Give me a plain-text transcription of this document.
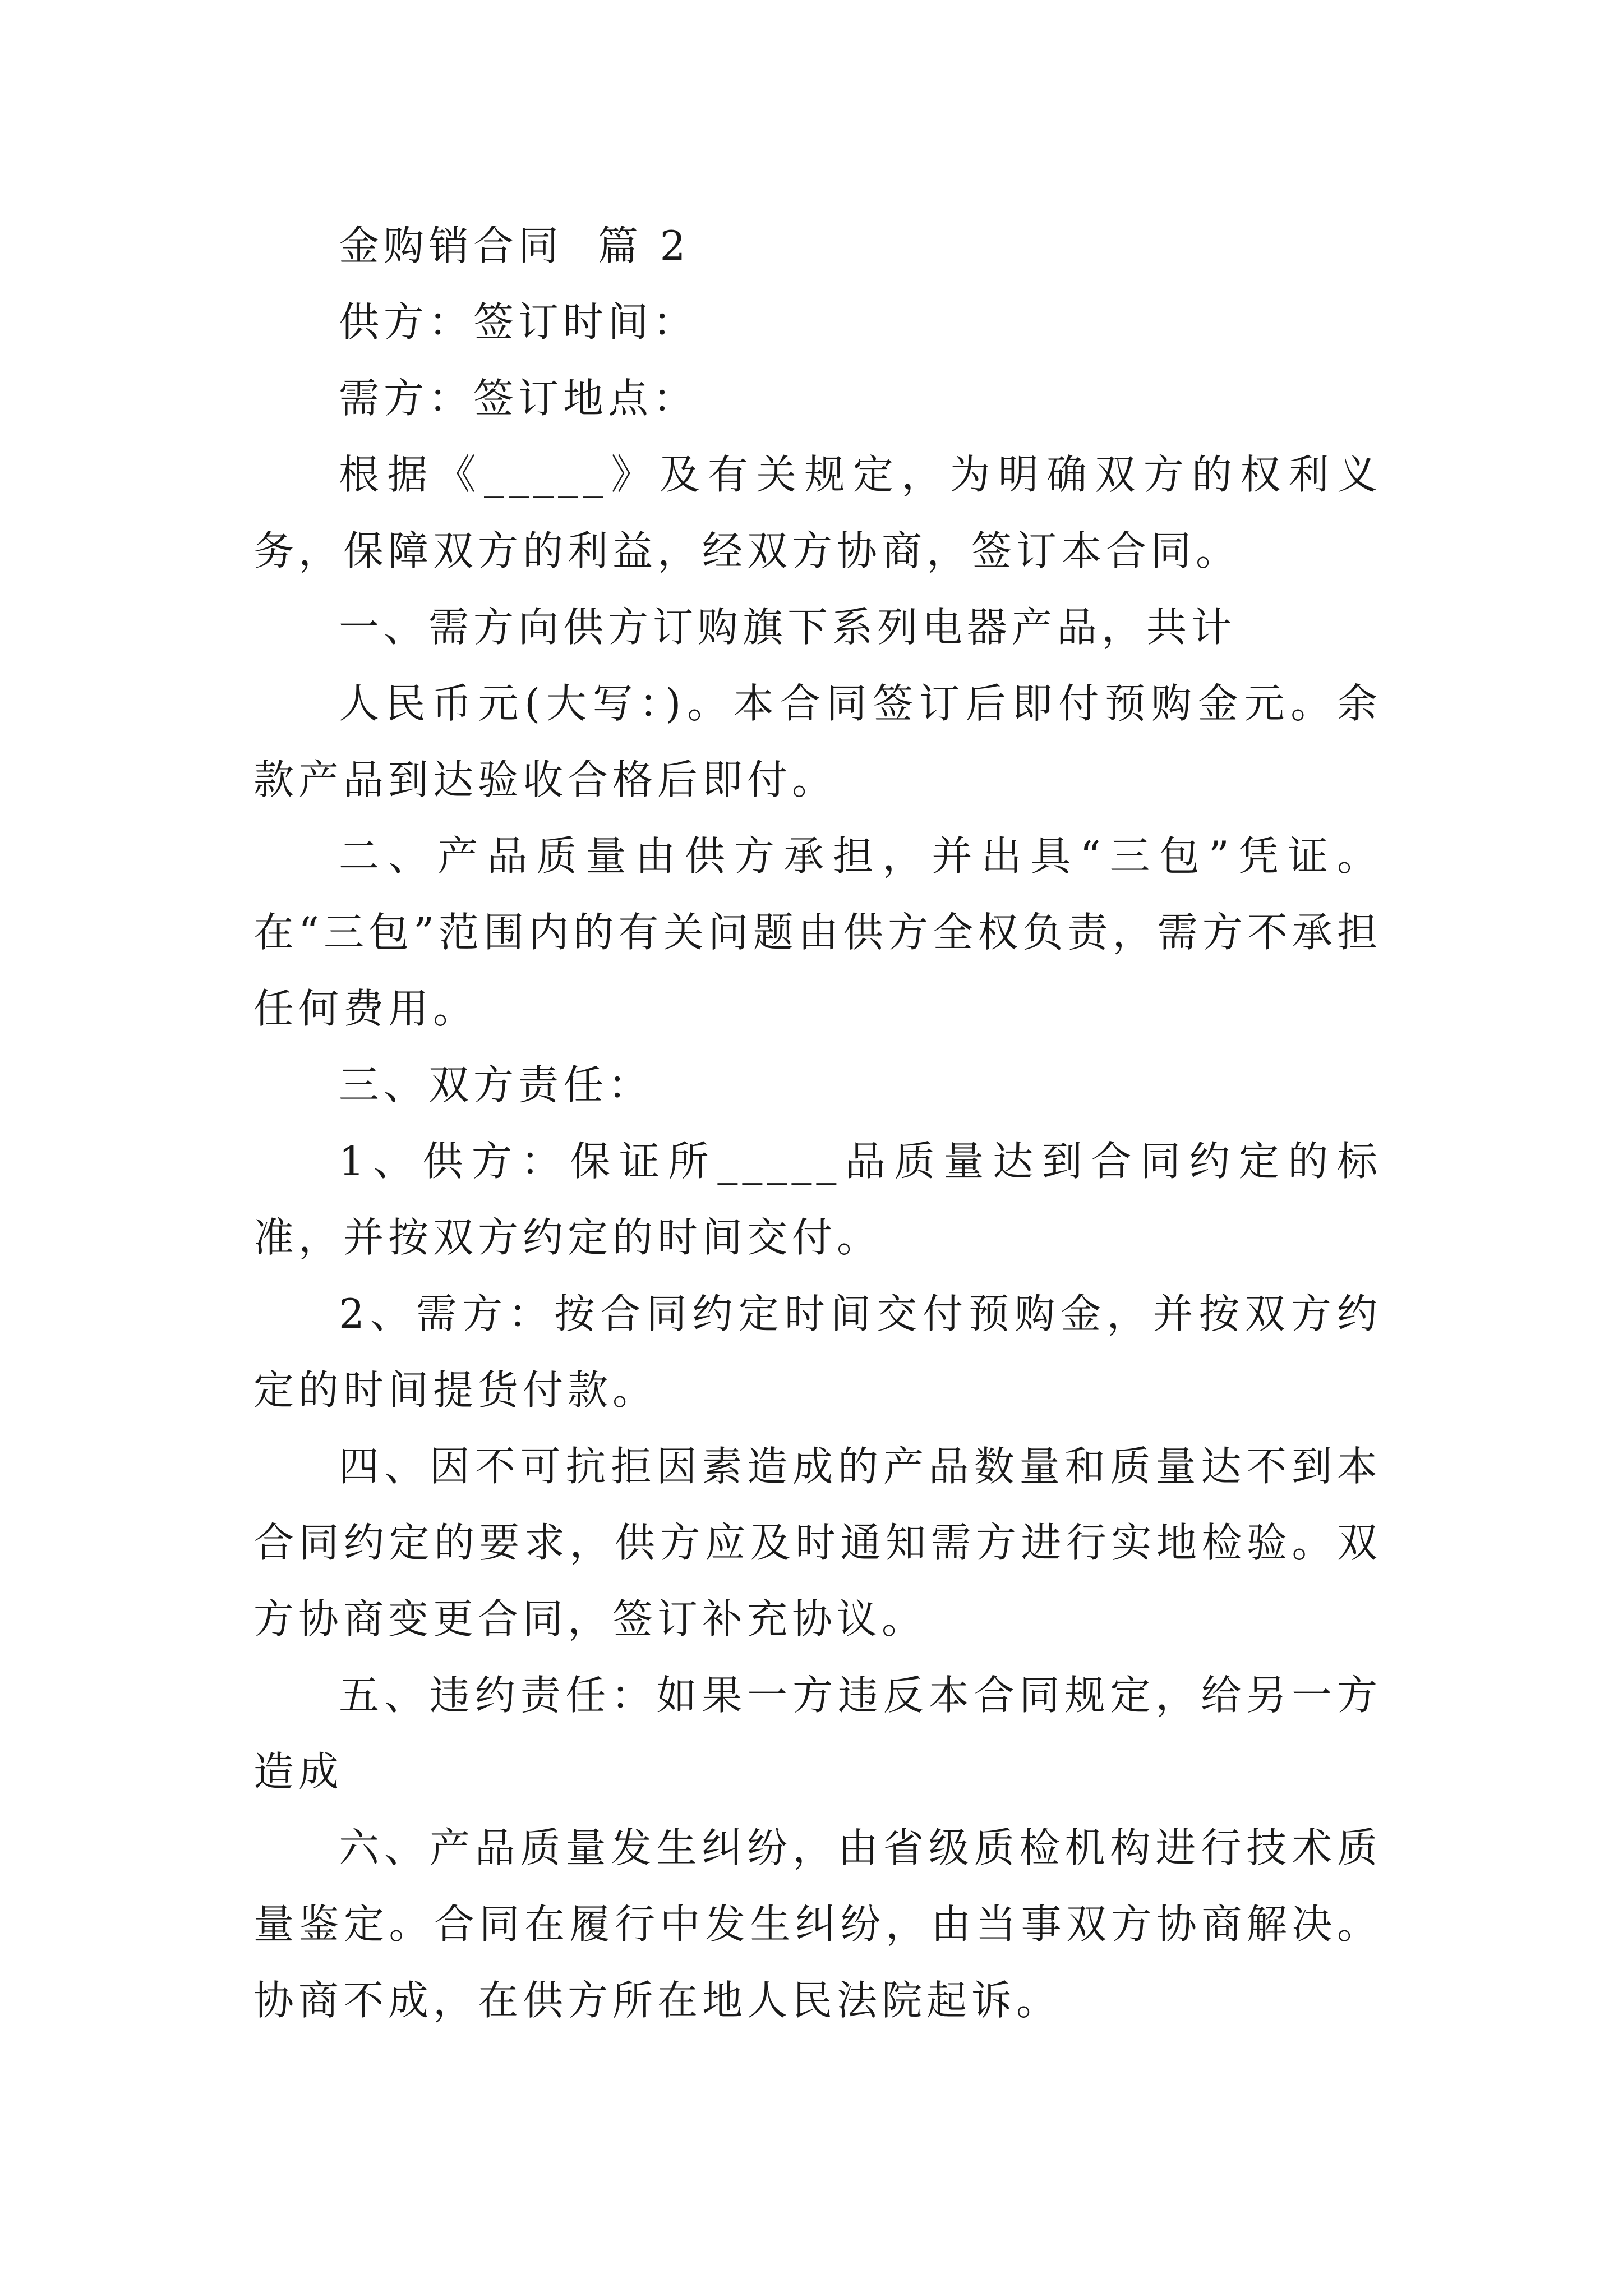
金购销合同  篇 2

供方：签订时间：

需方：签订地点：

根据《_____》及有关规定，为明确双方的权利义务，保障双方的利益，经双方协商，签订本合同。

一、需方向供方订购旗下系列电器产品，共计

人民币元(大写：)。本合同签订后即付预购金元。余款产品到达验收合格后即付。

二、产品质量由供方承担，并出具“三包”凭证。在“三包”范围内的有关问题由供方全权负责，需方不承担任何费用。

三、双方责任：

1、供方：保证所_____品质量达到合同约定的标准，并按双方约定的时间交付。

2、需方：按合同约定时间交付预购金，并按双方约定的时间提货付款。

四、因不可抗拒因素造成的产品数量和质量达不到本合同约定的要求，供方应及时通知需方进行实地检验。双方协商变更合同，签订补充协议。

五、违约责任：如果一方违反本合同规定，给另一方造成

六、产品质量发生纠纷，由省级质检机构进行技术质量鉴定。合同在履行中发生纠纷，由当事双方协商解决。协商不成，在供方所在地人民法院起诉。
